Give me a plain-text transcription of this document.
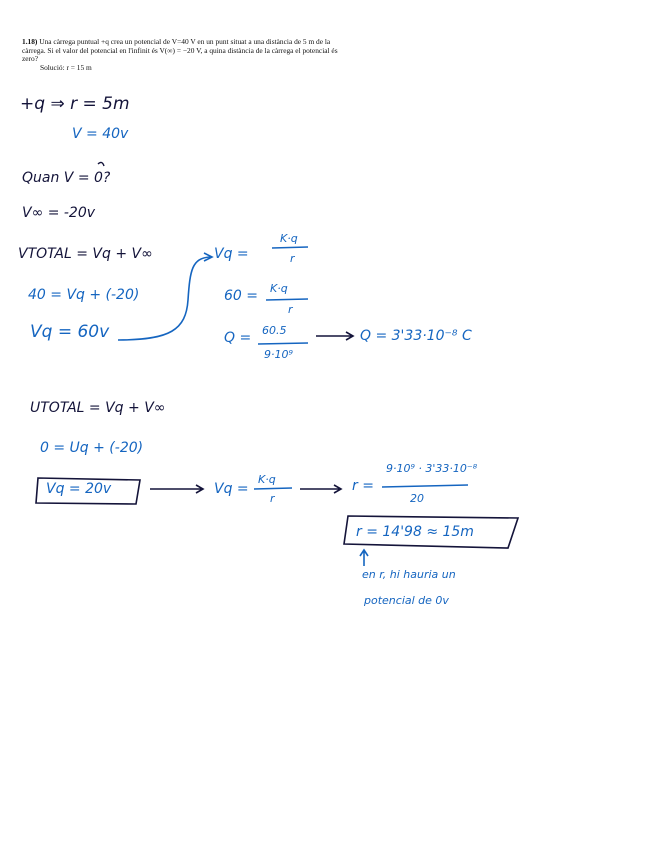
1.18) Una càrrega puntual +q crea un potencial de V=40 V en un punt situat a una distància de 5 m de la càrrega. Si el valor del potencial en l'infinit és V(∞) = −20 V, a quina distància de la càrrega el potencial és zero?
Solució: r = 15 m
+q ⇒ r = 5m
V = 40v
Quan V = 0?
V∞ = -20v
VTOTAL = Vq + V∞
40 = Vq + (-20)
Vq = 60v
Vq =
K·q
r
60 = K·q
r
Q = 60.5
9·10⁹
Q = 3'33·10⁻⁸ C
UTOTAL = Vq + V∞
0 = Uq + (-20)
Vq = 20v	Vq =
K·q
r
r =
9·10⁹ · 3'33·10⁻⁸
20
r = 14'98 ≈ 15m
en r, hi hauria un
potencial de 0v
